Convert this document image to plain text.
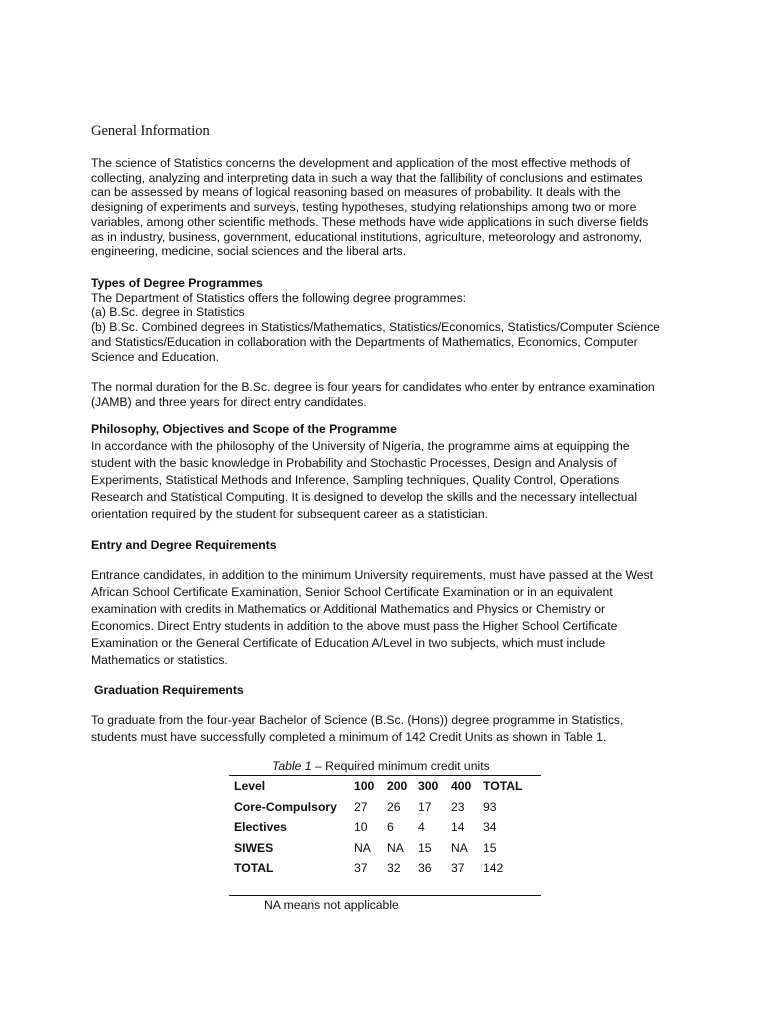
General Information
The science of Statistics concerns the development and application of the most effective methods of
collecting, analyzing and interpreting data in such a way that the fallibility of conclusions and estimates
can be assessed by means of logical reasoning based on measures of probability. It deals with the
designing of experiments and surveys, testing hypotheses, studying relationships among two or more
variables, among other scientific methods. These methods have wide applications in such diverse fields
as in industry, business, government, educational institutions, agriculture, meteorology and astronomy,
engineering, medicine, social sciences and the liberal arts.
Types of Degree Programmes
The Department of Statistics offers the following degree programmes:
(a) B.Sc. degree in Statistics
(b) B.Sc. Combined degrees in Statistics/Mathematics, Statistics/Economics, Statistics/Computer Science
and Statistics/Education in collaboration with the Departments of Mathematics, Economics, Computer
Science and Education.
The normal duration for the B.Sc. degree is four years for candidates who enter by entrance examination
(JAMB) and three years for direct entry candidates.
Philosophy, Objectives and Scope of the Programme
In accordance with the philosophy of the University of Nigeria, the programme aims at equipping the
student with the basic knowledge in Probability and Stochastic Processes, Design and Analysis of
Experiments, Statistical Methods and Inference, Sampling techniques, Quality Control, Operations
Research and Statistical Computing. It is designed to develop the skills and the necessary intellectual
orientation required by the student for subsequent career as a statistician.
Entry and Degree Requirements
Entrance candidates, in addition to the minimum University requirements, must have passed at the West
African School Certificate Examination, Senior School Certificate Examination or in an equivalent
examination with credits in Mathematics or Additional Mathematics and Physics or Chemistry or
Economics. Direct Entry students in addition to the above must pass the Higher School Certificate
Examination or the General Certificate of Education A/Level in two subjects, which must include
Mathematics or statistics.
Graduation Requirements
To graduate from the four-year Bachelor of Science (B.Sc. (Hons)) degree programme in Statistics,
students must have successfully completed a minimum of 142 Credit Units as shown in Table 1.
Table 1 – Required minimum credit units
Level	100	200	300	400	TOTAL
Core-Compulsory	27	26	17	23	93
Electives	10	6	4	14	34
SIWES	NA	NA	15	NA	15
TOTAL	37	32	36	37	142
NA means not applicable
